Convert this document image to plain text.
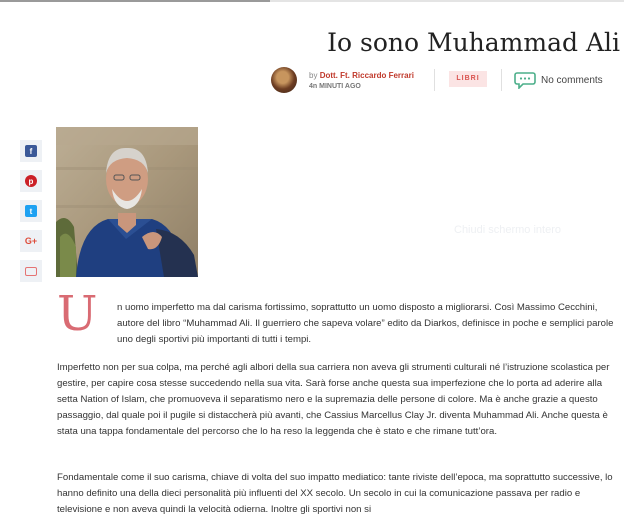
Io sono Muhammad Ali
by Dott. Ft. Riccardo Ferrari
4n MINUTI AGO
LIBRI	No comments
f
p
t
G+
Chiudi schermo intero
U n uomo imperfetto ma dal carisma fortissimo, soprattutto un uomo disposto a migliorarsi. Così Massimo Cecchini, autore del libro “Muhammad Ali. Il guerriero che sapeva volare” edito da Diarkos, definisce in poche e semplici parole uno degli sportivi più importanti di tutti i tempi.

Imperfetto non per sua colpa, ma perché agli albori della sua carriera non aveva gli strumenti culturali né l’istruzione scolastica per gestire, per capire cosa stesse succedendo nella sua vita. Sarà forse anche questa sua imperfezione che lo porta ad aderire alla setta Nation of Islam, che promuoveva il separatismo nero e la supremazia delle persone di colore. Ma è anche grazie a questo passaggio, dal quale poi il pugile si distaccherà più avanti, che Cassius Marcellus Clay Jr. diventa Muhammad Ali. Anche questa è stata una tappa fondamentale del percorso che lo ha reso la leggenda che è stato e che rimane tutt’ora.

Fondamentale come il suo carisma, chiave di volta del suo impatto mediatico: tante riviste dell’epoca, ma soprattutto successive, lo hanno definito una della dieci personalità più influenti del XX secolo. Un secolo in cui la comunicazione passava per radio e televisione e non aveva quindi la velocità odierna. Inoltre gli sportivi non si
